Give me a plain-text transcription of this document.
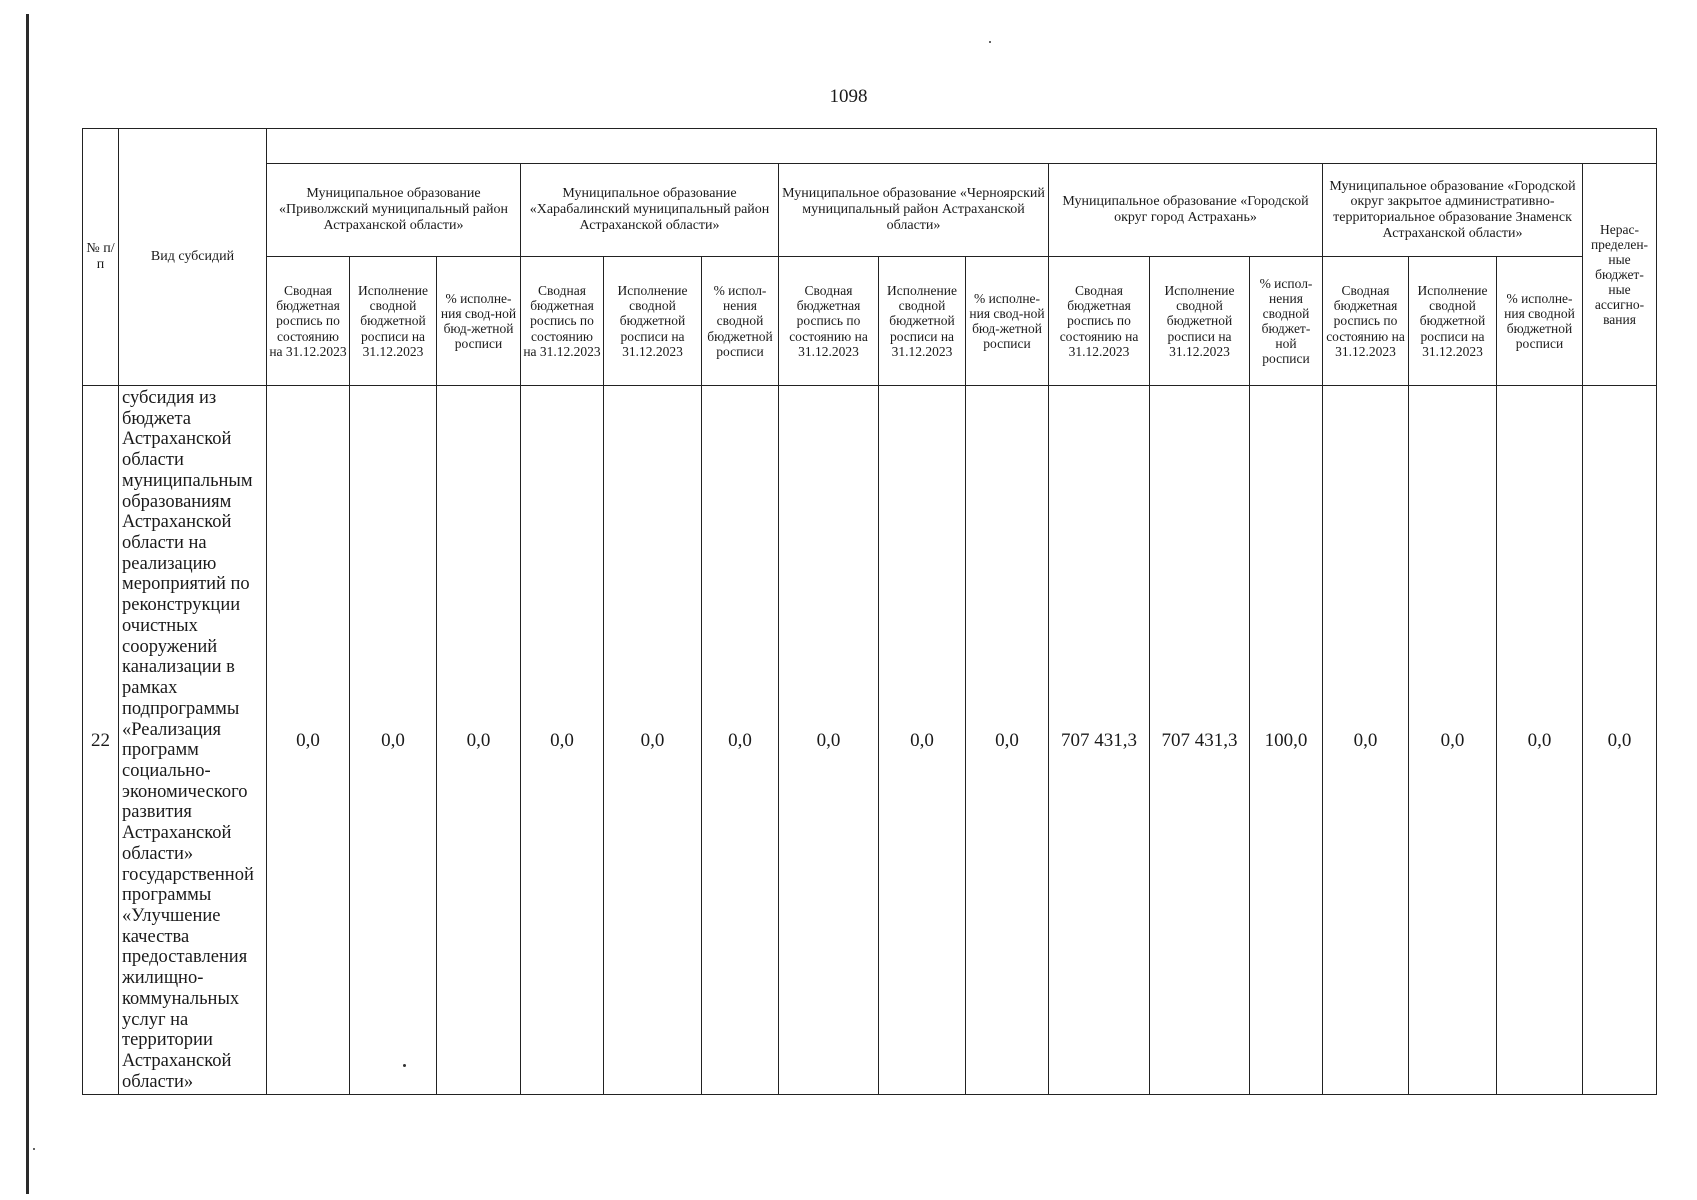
1098
№ п/п	Вид субсидий																
		Муниципальное образование «Приволжский муниципальный район Астраханской области»			Муниципальное образование «Харабалинский муниципальный район Астраханской области»			Муниципальное образование «Черноярский муниципальный район Астраханской области»			Муниципальное образование «Городской округ город Астрахань»			Муниципальное образование «Городской округ закрытое административно-территориальное образование Знаменск Астраханской области»			Нерас-пределен-ные бюджет-ные ассигно-вания
		Сводная бюджетная роспись по состоянию на 31.12.2023	Исполнение сводной бюджетной росписи на 31.12.2023	% исполне-ния свод-ной бюд-жетной росписи	Сводная бюджетная роспись по состоянию на 31.12.2023	Исполнение сводной бюджетной росписи на 31.12.2023	% испол-нения сводной бюджетной росписи	Сводная бюджетная роспись по состоянию на 31.12.2023	Исполнение сводной бюджетной росписи на 31.12.2023	% исполне-ния свод-ной бюд-жетной росписи	Сводная бюджетная роспись по состоянию на 31.12.2023	Исполнение сводной бюджетной росписи на 31.12.2023	% испол-нения сводной бюджет-ной росписи	Сводная бюджетная роспись по состоянию на 31.12.2023	Исполнение сводной бюджетной росписи на 31.12.2023	% исполне-ния сводной бюджетной росписи	
22	субсидия из бюджета Астраханской области муниципальным образованиям Астраханской области на реализацию мероприятий по реконструкции очистных сооружений канализации в рамках подпрограммы «Реализация программ социально-экономического развития Астраханской области» государственной программы «Улучшение качества предоставления жилищно-коммунальных услуг на территории Астраханской области»	0,0	0,0	0,0	0,0	0,0	0,0	0,0	0,0	0,0	707 431,3	707 431,3	100,0	0,0	0,0	0,0	0,0
